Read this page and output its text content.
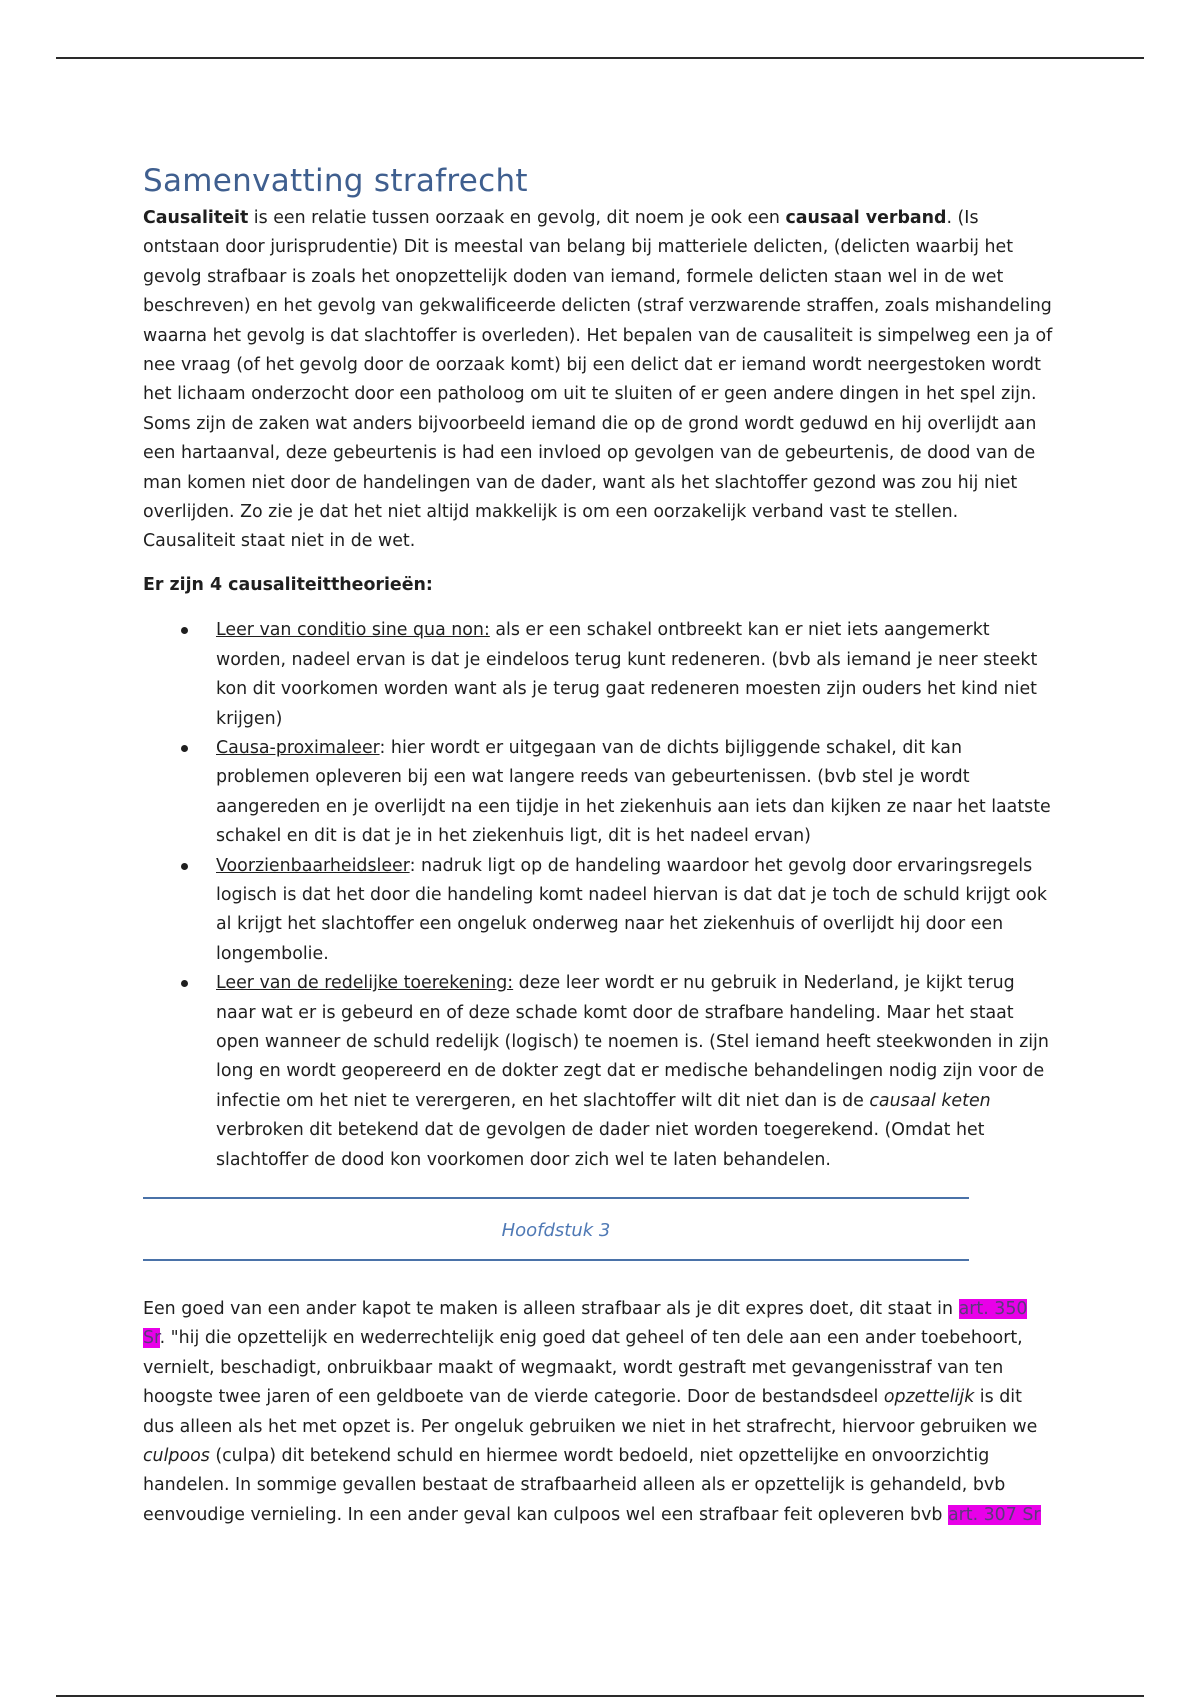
Samenvatting strafrecht

Causaliteit is een relatie tussen oorzaak en gevolg, dit noem je ook een causaal verband. (Is ontstaan door jurisprudentie) Dit is meestal van belang bij matteriele delicten, (delicten waarbij het gevolg strafbaar is zoals het onopzettelijk doden van iemand, formele delicten staan wel in de wet beschreven) en het gevolg van gekwalificeerde delicten (straf verzwarende straffen, zoals mishandeling waarna het gevolg is dat slachtoffer is overleden). Het bepalen van de causaliteit is simpelweg een ja of nee vraag (of het gevolg door de oorzaak komt) bij een delict dat er iemand wordt neergestoken wordt het lichaam onderzocht door een patholoog om uit te sluiten of er geen andere dingen in het spel zijn. Soms zijn de zaken wat anders bijvoorbeeld iemand die op de grond wordt geduwd en hij overlijdt aan een hartaanval, deze gebeurtenis is had een invloed op gevolgen van de gebeurtenis, de dood van de man komen niet door de handelingen van de dader, want als het slachtoffer gezond was zou hij niet overlijden. Zo zie je dat het niet altijd makkelijk is om een oorzakelijk verband vast te stellen. Causaliteit staat niet in de wet.

Er zijn 4 causaliteittheorieën:

Leer van conditio sine qua non: als er een schakel ontbreekt kan er niet iets aangemerkt worden, nadeel ervan is dat je eindeloos terug kunt redeneren. (bvb als iemand je neer steekt kon dit voorkomen worden want als je terug gaat redeneren moesten zijn ouders het kind niet krijgen)
Causa-proximaleer: hier wordt er uitgegaan van de dichts bijliggende schakel, dit kan problemen opleveren bij een wat langere reeds van gebeurtenissen. (bvb stel je wordt aangereden en je overlijdt na een tijdje in het ziekenhuis aan iets dan kijken ze naar het laatste schakel en dit is dat je in het ziekenhuis ligt, dit is het nadeel ervan)
Voorzienbaarheidsleer: nadruk ligt op de handeling waardoor het gevolg door ervaringsregels logisch is dat het door die handeling komt nadeel hiervan is dat dat je toch de schuld krijgt ook al krijgt het slachtoffer een ongeluk onderweg naar het ziekenhuis of overlijdt hij door een longembolie.
Leer van de redelijke toerekening: deze leer wordt er nu gebruik in Nederland, je kijkt terug naar wat er is gebeurd en of deze schade komt door de strafbare handeling. Maar het staat open wanneer de schuld redelijk (logisch) te noemen is. (Stel iemand heeft steekwonden in zijn long en wordt geopereerd en de dokter zegt dat er medische behandelingen nodig zijn voor de infectie om het niet te verergeren, en het slachtoffer wilt dit niet dan is de causaal keten verbroken dit betekend dat de gevolgen de dader niet worden toegerekend. (Omdat het slachtoffer de dood kon voorkomen door zich wel te laten behandelen.
Hoofdstuk 3

Een goed van een ander kapot te maken is alleen strafbaar als je dit expres doet, dit staat in art. 350 Sr. "hij die opzettelijk en wederrechtelijk enig goed dat geheel of ten dele aan een ander toebehoort, vernielt, beschadigt, onbruikbaar maakt of wegmaakt, wordt gestraft met gevangenisstraf van ten hoogste twee jaren of een geldboete van de vierde categorie. Door de bestandsdeel opzettelijk is dit dus alleen als het met opzet is. Per ongeluk gebruiken we niet in het strafrecht, hiervoor gebruiken we culpoos (culpa) dit betekend schuld en hiermee wordt bedoeld, niet opzettelijke en onvoorzichtig handelen. In sommige gevallen bestaat de strafbaarheid alleen als er opzettelijk is gehandeld, bvb eenvoudige vernieling. In een ander geval kan culpoos wel een strafbaar feit opleveren bvb art. 307 Sr
